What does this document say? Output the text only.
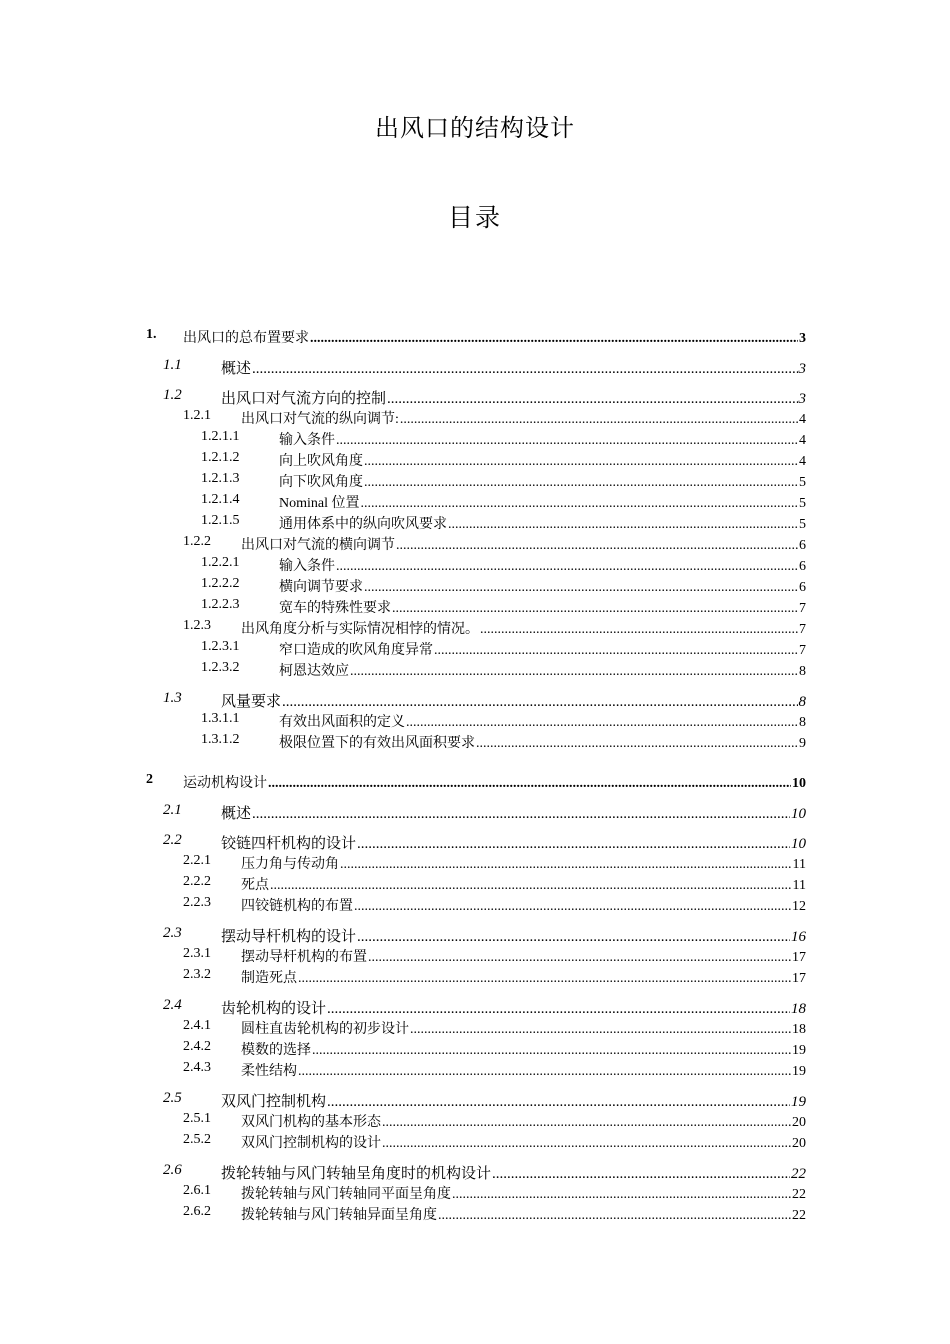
出风口的结构设计
目录
1. 出风口的总布置要求 .....	3
1.1	概述 .....	3
1.2	出风口对气流方向的控制 .....	3
1.2.1 出风口对气流的纵向调节: .....	4
1.2.1.1	输入条件 .....	4
1.2.1.2	向上吹风角度 .....	4
1.2.1.3	向下吹风角度 .....	5
1.2.1.4	Nominal 位置 .....	5
1.2.1.5	通用体系中的纵向吹风要求 .....	5
1.2.2 出风口对气流的横向调节 .....	6
1.2.2.1	输入条件 .....	6
1.2.2.2	横向调节要求 .....	6
1.2.2.3	宽车的特殊性要求 .....	7
1.2.3 出风角度分析与实际情况相悖的情况。 .....	7
1.2.3.1	窄口造成的吹风角度异常 .....	7
1.2.3.2	柯恩达效应 .....	8
1.3	风量要求 .....	8
1.3.1.1	有效出风面积的定义 .....	8
1.3.1.2	极限位置下的有效出风面积要求 .....	9
2 运动机构设计 .....	10
2.1	概述 .....	10
2.2	铰链四杆机构的设计 .....	10
2.2.1 压力角与传动角 .....	11
2.2.2 死点 .....	11
2.2.3 四铰链机构的布置 .....	12
2.3	摆动导杆机构的设计 .....	16
2.3.1 摆动导杆机构的布置 .....	17
2.3.2 制造死点 .....	17
2.4	齿轮机构的设计 .....	18
2.4.1 圆柱直齿轮机构的初步设计 .....	18
2.4.2 模数的选择 .....	19
2.4.3 柔性结构 .....	19
2.5	双风门控制机构 .....	19
2.5.1 双风门机构的基本形态 .....	20
2.5.2 双风门控制机构的设计 .....	20
2.6	拨轮转轴与风门转轴呈角度时的机构设计 .....	22
2.6.1 拨轮转轴与风门转轴同平面呈角度 .....	22
2.6.2 拨轮转轴与风门转轴异面呈角度 .....	22
